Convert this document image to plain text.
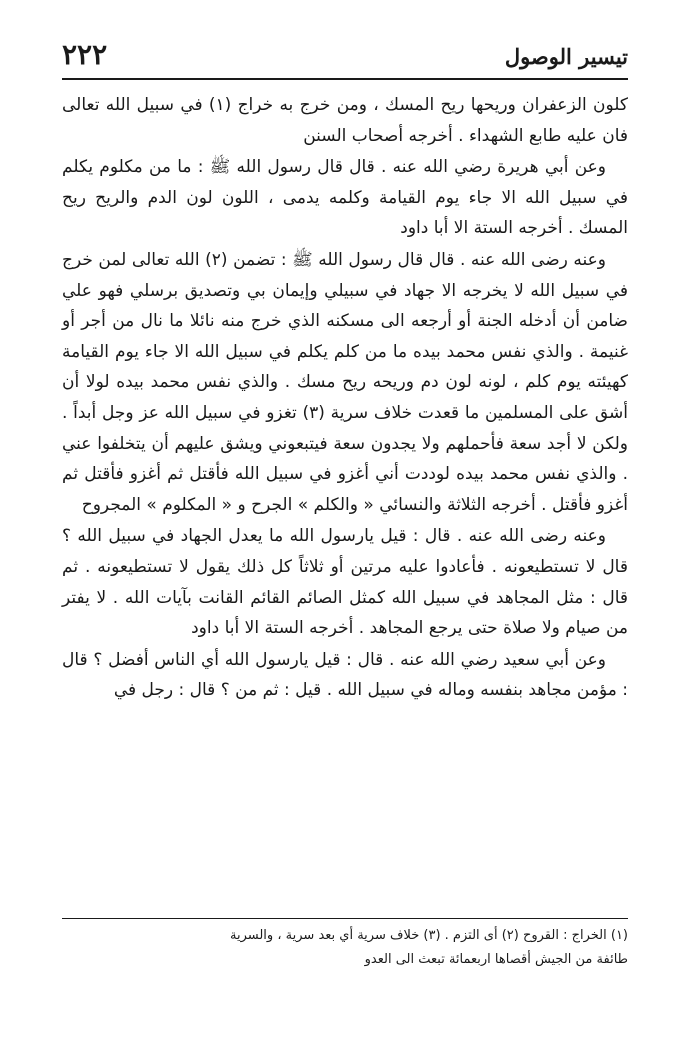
تيسير الوصول
٢٢٢

كلون الزعفران وريحها ريح المسك ، ومن خرج به خراج (١) في سبيل الله تعالى فان عليه طابع الشهداء . أخرجه أصحاب السنن

وعن أبي هريرة رضي الله عنه . قال قال رسول الله ﷺ : ما من مكلوم يكلم في سبيل الله الا جاء يوم القيامة وكلمه يدمى ، اللون لون الدم والريح ريح المسك . أخرجه الستة الا أبا داود

وعنه رضى الله عنه . قال قال رسول الله ﷺ : تضمن (٢) الله تعالى لمن خرج في سبيل الله لا يخرجه الا جهاد في سبيلي وإيمان بي وتصديق برسلي فهو علي ضامن أن أدخله الجنة أو أرجعه الى مسكنه الذي خرج منه نائلا ما نال من أجر أو غنيمة . والذي نفس محمد بيده ما من كلم يكلم في سبيل الله الا جاء يوم القيامة كهيئته يوم كلم ، لونه لون دم وريحه ريح مسك . والذي نفس محمد بيده لولا أن أشق على المسلمين ما قعدت خلاف سرية (٣) تغزو في سبيل الله عز وجل أبداً . ولكن لا أجد سعة فأحملهم ولا يجدون سعة فيتبعوني ويشق عليهم أن يتخلفوا عني . والذي نفس محمد بيده لوددت أني أغزو في سبيل الله فأقتل ثم أغزو فأقتل ثم أغزو فأقتل . أخرجه الثلاثة والنسائي « والكلم » الجرح و « المكلوم » المجروح

وعنه رضى الله عنه . قال : قيل يارسول الله ما يعدل الجهاد في سبيل الله ؟ قال لا تستطيعونه . فأعادوا عليه مرتين أو ثلاثاً كل ذلك يقول لا تستطيعونه . ثم قال : مثل المجاهد في سبيل الله كمثل الصائم القائم القانت بآيات الله . لا يفتر من صيام ولا صلاة حتى يرجع المجاهد . أخرجه الستة الا أبا داود

وعن أبي سعيد رضي الله عنه . قال : قيل يارسول الله أي الناس أفضل ؟ قال : مؤمن مجاهد بنفسه وماله في سبيل الله . قيل : ثم من ؟ قال : رجل في

(١) الخراج : القروح (٢) أى التزم . (٣) خلاف سرية أي بعد سرية ، والسرية
طائفة من الجيش أقصاها اربعمائة تبعث الى العدو
